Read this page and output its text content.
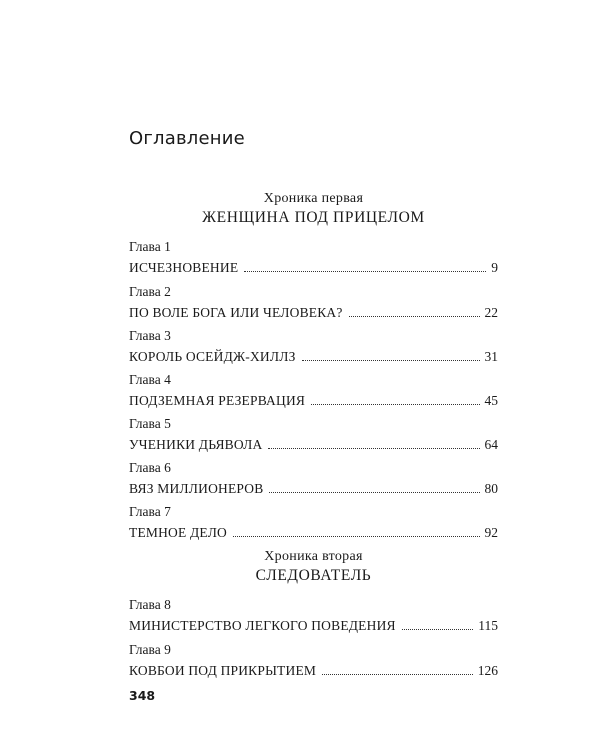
Оглавление
Хроника первая
ЖЕНЩИНА ПОД ПРИЦЕЛОМ
Глава 1
ИСЧЕЗНОВЕНИЕ	9
Глава 2
ПО ВОЛЕ БОГА ИЛИ ЧЕЛОВЕКА?	22
Глава 3
КОРОЛЬ ОСЕЙДЖ-ХИЛЛЗ	31
Глава 4
ПОДЗЕМНАЯ РЕЗЕРВАЦИЯ	45
Глава 5
УЧЕНИКИ ДЬЯВОЛА	64
Глава 6
ВЯЗ МИЛЛИОНЕРОВ	80
Глава 7
ТЕМНОЕ ДЕЛО	92
Хроника вторая
СЛЕДОВАТЕЛЬ
Глава 8
МИНИСТЕРСТВО ЛЕГКОГО ПОВЕДЕНИЯ	115
Глава 9
КОВБОИ ПОД ПРИКРЫТИЕМ	126
348
